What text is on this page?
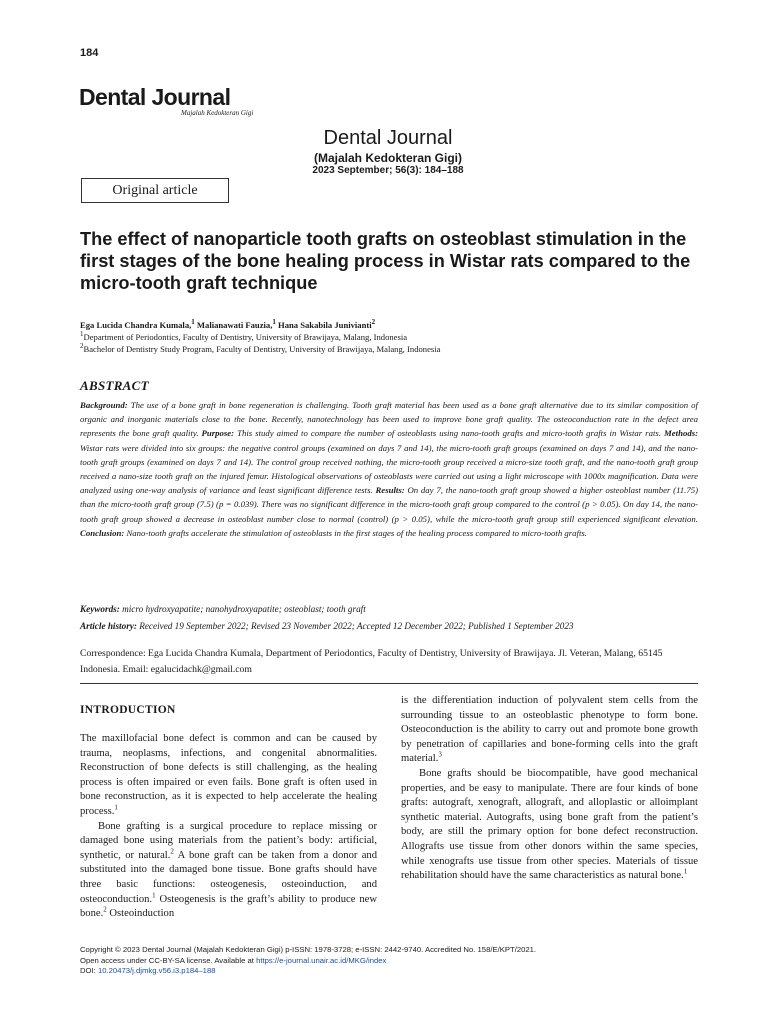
184
Dental Journal
Majalah Kedokteran Gigi
Dental Journal
(Majalah Kedokteran Gigi)
2023 September; 56(3): 184–188
Original article
The effect of nanoparticle tooth grafts on osteoblast stimulation in the first stages of the bone healing process in Wistar rats compared to the micro-tooth graft technique
Ega Lucida Chandra Kumala,$^1$ Malianawati Fauzia,$^1$ Hana Sakabila Junivianti$^2$
$^1$Department of Periodontics, Faculty of Dentistry, University of Brawijaya, Malang, Indonesia
$^2$Bachelor of Dentistry Study Program, Faculty of Dentistry, University of Brawijaya, Malang, Indonesia
ABSTRACT
Background: The use of a bone graft in bone regeneration is challenging. Tooth graft material has been used as a bone graft alternative due to its similar composition of organic and inorganic materials close to the bone. Recently, nanotechnology has been used to improve bone graft quality. The osteoconduction rate in the defect area represents the bone graft quality. Purpose: This study aimed to compare the number of osteoblasts using nano-tooth grafts and micro-tooth grafts in Wistar rats. Methods: Wistar rats were divided into six groups: the negative control groups (examined on days 7 and 14), the micro-tooth graft groups (examined on days 7 and 14), and the nano-tooth graft groups (examined on days 7 and 14). The control group received nothing, the micro-tooth group received a micro-size tooth graft, and the nano-tooth graft group received a nano-size tooth graft on the injured femur. Histological observations of osteoblasts were carried out using a light microscope with 1000x magnification. Data were analyzed using one-way analysis of variance and least significant difference tests. Results: On day 7, the nano-tooth graft group showed a higher osteoblast number (11.75) than the micro-tooth graft group (7.5) (p = 0.039). There was no significant difference in the micro-tooth graft group compared to the control (p > 0.05). On day 14, the nano-tooth graft group showed a decrease in osteoblast number close to normal (control) (p > 0.05), while the micro-tooth graft group still experienced significant elevation. Conclusion: Nano-tooth grafts accelerate the stimulation of osteoblasts in the first stages of the healing process compared to micro-tooth grafts.
Keywords: micro hydroxyapatite; nanohydroxyapatite; osteoblast; tooth graft
Article history: Received 19 September 2022; Revised 23 November 2022; Accepted 12 December 2022; Published 1 September 2023
Correspondence: Ega Lucida Chandra Kumala, Department of Periodontics, Faculty of Dentistry, University of Brawijaya. Jl. Veteran, Malang, 65145 Indonesia. Email: egalucidachk@gmail.com
INTRODUCTION

The maxillofacial bone defect is common and can be caused by trauma, neoplasms, infections, and congenital abnormalities. Reconstruction of bone defects is still challenging, as the healing process is often impaired or even fails. Bone graft is often used in bone reconstruction, as it is expected to help accelerate the healing process.$^1$

Bone grafting is a surgical procedure to replace missing or damaged bone using materials from the patient’s body: artificial, synthetic, or natural.$^2$ A bone graft can be taken from a donor and substituted into the damaged bone tissue. Bone grafts should have three basic functions: osteogenesis, osteoinduction, and osteoconduction.$^1$ Osteogenesis is the graft’s ability to produce new bone.$^2$ Osteoinduction

is the differentiation induction of polyvalent stem cells from the surrounding tissue to an osteoblastic phenotype to form bone. Osteoconduction is the ability to carry out and promote bone growth by penetration of capillaries and bone-forming cells into the graft material.$^3$

Bone grafts should be biocompatible, have good mechanical properties, and be easy to manipulate. There are four kinds of bone grafts: autograft, xenograft, allograft, and alloplastic or alloimplant synthetic material. Autografts, using bone graft from the patient’s body, are still the primary option for bone defect reconstruction. Allografts use tissue from other donors within the same species, while xenografts use tissue from other species. Materials of tissue rehabilitation should have the same characteristics as natural bone.$^1$

Copyright © 2023 Dental Journal (Majalah Kedokteran Gigi) p-ISSN: 1978-3728; e-ISSN: 2442-9740. Accredited No. 158/E/KPT/2021.
Open access under CC-BY-SA license. Available at https://e-journal.unair.ac.id/MKG/index
DOI: 10.20473/j.djmkg.v56.i3.p184–188
